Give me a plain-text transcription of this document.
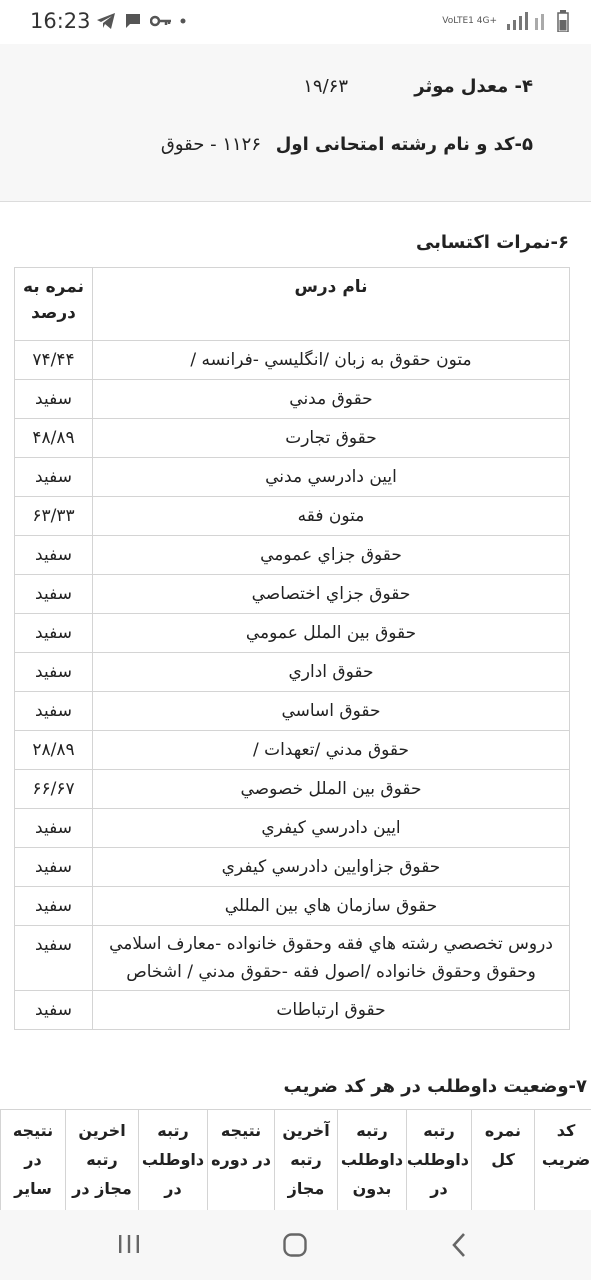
16:23	VoLTE1 4G+
۴- معدل موثر
۱۹/۶۳
۵-کد و نام رشته امتحانی اول
۱۱۲۶ - حقوق
۶-نمرات اکتسابی
نام درس	نمره به درصد
متون حقوق به زبان /انگليسي -فرانسه /	۷۴/۴۴
حقوق مدني	سفيد
حقوق تجارت	۴۸/۸۹
ايين دادرسي مدني	سفيد
متون فقه	۶۳/۳۳
حقوق جزاي عمومي	سفيد
حقوق جزاي اختصاصي	سفيد
حقوق بين الملل عمومي	سفيد
حقوق اداري	سفيد
حقوق اساسي	سفيد
حقوق مدني /تعهدات /	۲۸/۸۹
حقوق بين الملل خصوصي	۶۶/۶۷
ايين دادرسي كيفري	سفيد
حقوق جزاوايين دادرسي كيفري	سفيد
حقوق سازمان هاي بين المللي	سفيد
دروس تخصصي رشته هاي فقه وحقوق خانواده -معارف اسلامي وحقوق وحقوق خانواده /اصول فقه -حقوق مدني / اشخاص	سفيد
حقوق ارتباطات	سفيد
۷-وضعيت داوطلب در هر کد ضريب
کد ضریب	نمره کل	رتبه داوطلب در	رتبه داوطلب بدون	آخرین رتبه مجاز	نتیجه در دوره	رتبه داوطلب در	اخرین رتبه مجاز در	نتیجه در سایر
